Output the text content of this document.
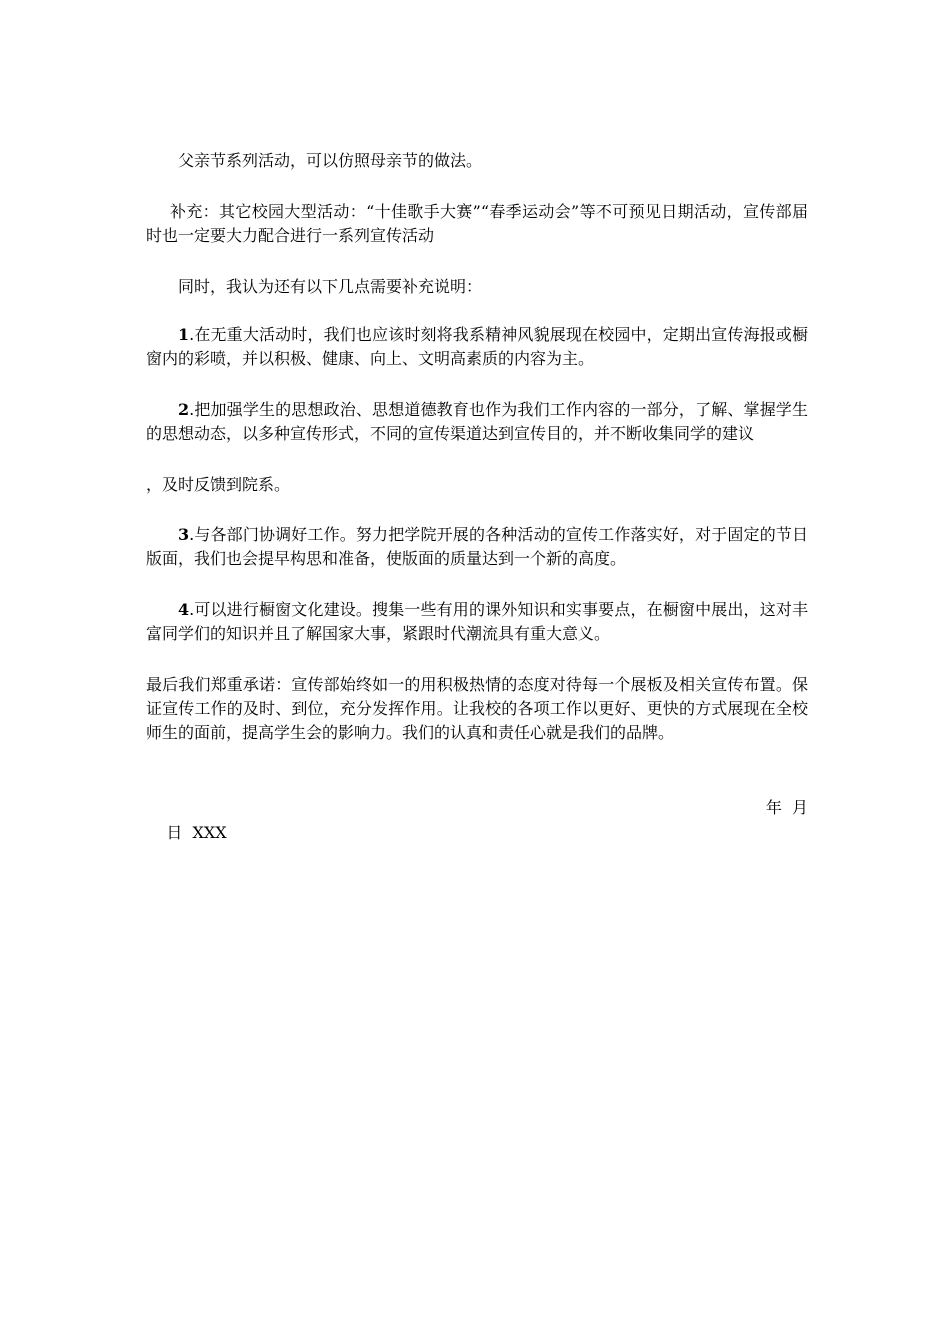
父亲节系列活动，可以仿照母亲节的做法。

补充：其它校园大型活动：“十佳歌手大赛”“春季运动会”等不可预见日期活动，宣传部届时也一定要大力配合进行一系列宣传活动

同时，我认为还有以下几点需要补充说明：

1.在无重大活动时，我们也应该时刻将我系精神风貌展现在校园中，定期出宣传海报或橱窗内的彩喷，并以积极、健康、向上、文明高素质的内容为主。

2.把加强学生的思想政治、思想道德教育也作为我们工作内容的一部分，了解、掌握学生的思想动态，以多种宣传形式，不同的宣传渠道达到宣传目的，并不断收集同学的建议

，及时反馈到院系。

3.与各部门协调好工作。努力把学院开展的各种活动的宣传工作落实好，对于固定的节日版面，我们也会提早构思和准备，使版面的质量达到一个新的高度。

4.可以进行橱窗文化建设。搜集一些有用的课外知识和实事要点，在橱窗中展出，这对丰富同学们的知识并且了解国家大事，紧跟时代潮流具有重大意义。

最后我们郑重承诺：宣传部始终如一的用积极热情的态度对待每一个展板及相关宣传布置。保证宣传工作的及时、到位，充分发挥作用。让我校的各项工作以更好、更快的方式展现在全校师生的面前，提高学生会的影响力。我们的认真和责任心就是我们的品牌。

年  月

日  XXX
